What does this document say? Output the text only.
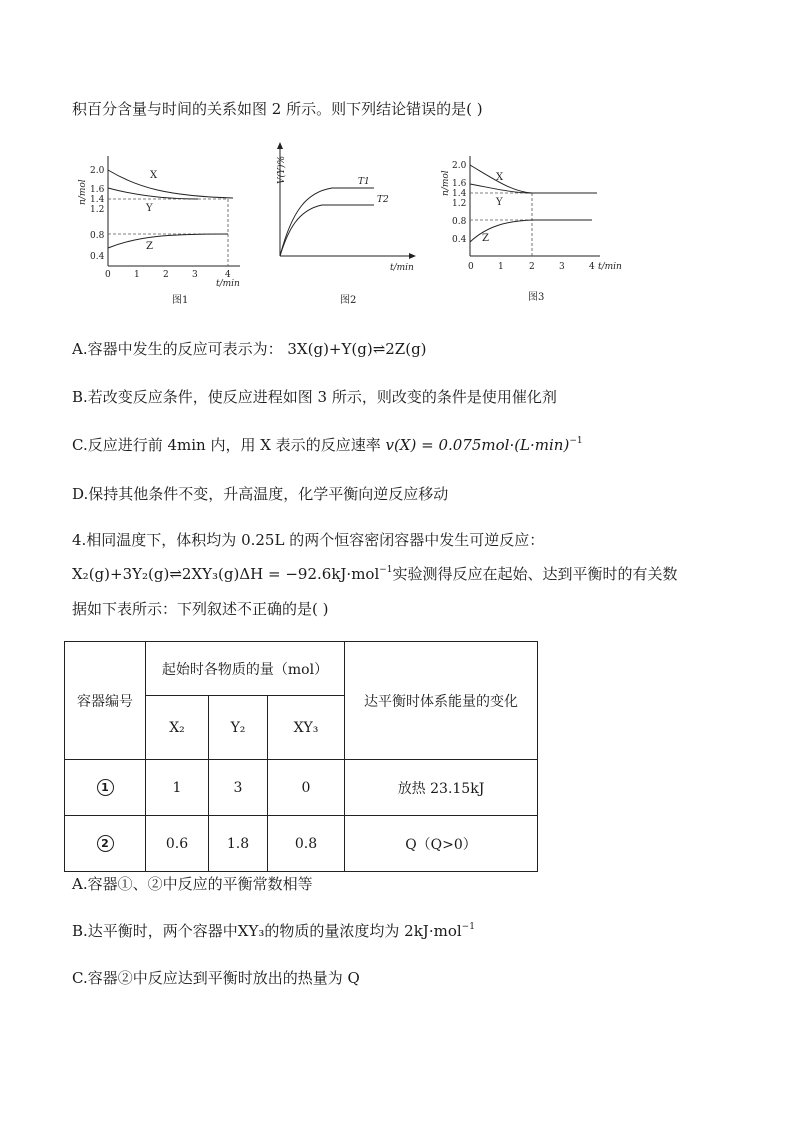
积百分含量与时间的关系如图 2 所示。则下列结论错误的是( )
n/mol
2.0
1.6
1.4
1.2
0.8
0.4
X
Y
Z
0	1	2	3	4
t/min
图1
V(Y)%	T1
T2
t/min
图2
n/mol
2.0
1.6
1.4
1.2
0.8
0.4
X
Y
Z
0	1	2	3	4 t/min
图3
A.容器中发生的反应可表示为： 3X(g)+Y(g)⇌2Z(g)
B.若改变反应条件，使反应进程如图 3 所示，则改变的条件是使用催化剂
C.反应进行前 4min 内，用 X 表示的反应速率 $v(X) = 0.075mol\cdot(L\cdot\min)^{-1}$
D.保持其他条件不变，升高温度，化学平衡向逆反应移动
4.相同温度下，体积均为 0.25L 的两个恒容密闭容器中发生可逆反应：
X₂(g)+3Y₂(g)⇌2XY₃(g)ΔH = −92.6kJ·mol$^{-1}$实验测得反应在起始、达到平衡时的有关数
据如下表所示：下列叙述不正确的是( )
容器编号	起始时各物质的量（mol）			达平衡时体系能量的变化
	X₂	Y₂	XY₃	
1	1	3	0	放热 23.15kJ
2	0.6	1.8	0.8	Q（Q>0）
A.容器①、②中反应的平衡常数相等
B.达平衡时，两个容器中XY₃的物质的量浓度均为 2kJ·mol$^{-1}$
C.容器②中反应达到平衡时放出的热量为 Q
